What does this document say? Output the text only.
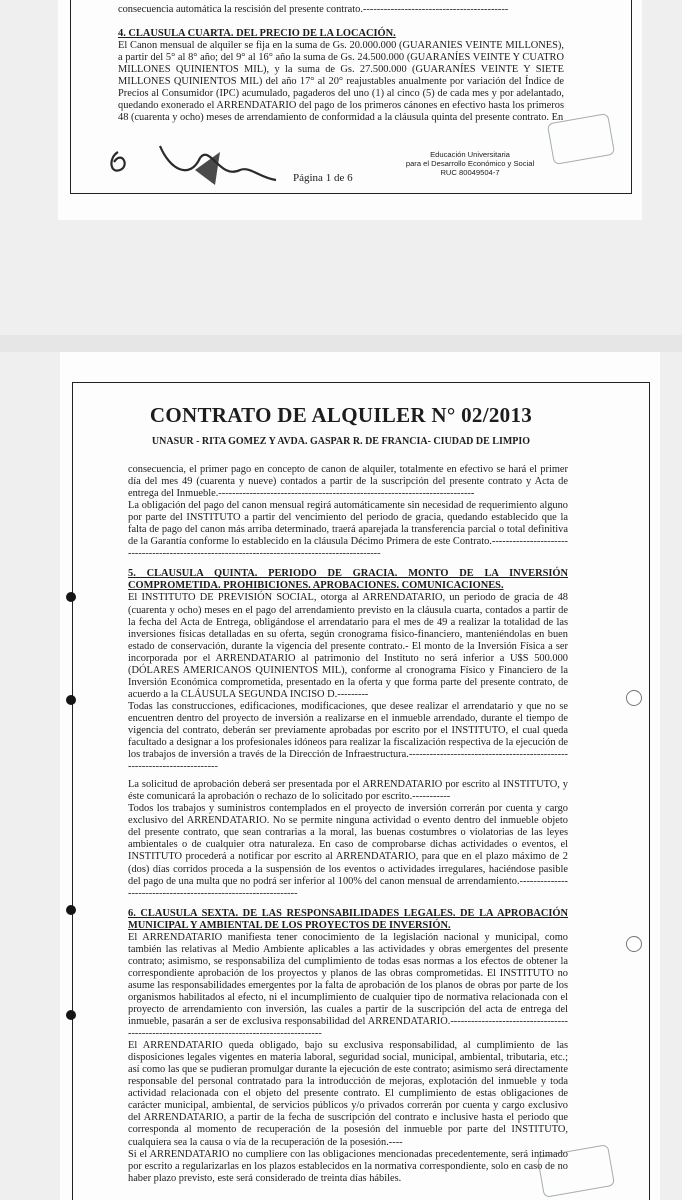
consecuencia automática la rescisión del presente contrato.------------------------------------------

4. CLAUSULA CUARTA. DEL PRECIO DE LA LOCACIÓN.

El Canon mensual de alquiler se fija en la suma de Gs. 20.000.000 (GUARANÍES VEINTE MILLONES), a partir del 5° al 8° año; del 9° al 16° año la suma de Gs. 24.500.000 (GUARANÍES VEINTE Y CUATRO MILLONES QUINIENTOS MIL), y la suma de Gs. 27.500.000 (GUARANÍES VEINTE Y SIETE MILLONES QUINIENTOS MIL) del año 17° al 20° reajustables anualmente por variación del Índice de Precios al Consumidor (IPC) acumulado, pagaderos del uno (1) al cinco (5) de cada mes y por adelantado, quedando exonerado el ARRENDATARIO del pago de los primeros cánones en efectivo hasta los primeros 48 (cuarenta y ocho) meses de arrendamiento de conformidad a la cláusula quinta del presente contrato. En

Educación Universitaria
para el Desarrollo Económico y Social
RUC 80049504-7
Página 1 de 6
CONTRATO DE ALQUILER N° 02/2013
UNASUR - RITA GOMEZ Y AVDA. GASPAR R. DE FRANCIA- CIUDAD DE LIMPIO

consecuencia, el primer pago en concepto de canon de alquiler, totalmente en efectivo se hará el primer día del mes 49 (cuarenta y nueve) contados a partir de la suscripción del presente contrato y Acta de entrega del Inmueble.--------------------------------------------------------------------------

La obligación del pago del canon mensual regirá automáticamente sin necesidad de requerimiento alguno por parte del INSTITUTO a partir del vencimiento del periodo de gracia, quedando establecido que la falta de pago del canon más arriba determinado, traerá aparejada la transferencia parcial o total definitiva de la Garantía conforme lo establecido en la cláusula Décimo Primera de este Contrato.-----------------------------------------------------------------------------------------------

5. CLAUSULA QUINTA. PERIODO DE GRACIA. MONTO DE LA INVERSIÓN COMPROMETIDA. PROHIBICIONES. APROBACIONES. COMUNICACIONES.

El INSTITUTO DE PREVISIÓN SOCIAL, otorga al ARRENDATARIO, un periodo de gracia de 48 (cuarenta y ocho) meses en el pago del arrendamiento previsto en la cláusula cuarta, contados a partir de la fecha del Acta de Entrega, obligándose el arrendatario para el mes de 49 a realizar la totalidad de las inversiones físicas detalladas en su oferta, según cronograma físico-financiero, manteniéndolas en buen estado de conservación, durante la vigencia del presente contrato.- El monto de la Inversión Física a ser incorporada por el ARRENDATARIO al patrimonio del Instituto no será inferior a U$S 500.000 (DÓLARES AMERICANOS QUINIENTOS MIL), conforme al cronograma Físico y Financiero de la Inversión Económica comprometida, presentado en la oferta y que forma parte del presente contrato, de acuerdo a la CLÁUSULA SEGUNDA INCISO D.---------

Todas las construcciones, edificaciones, modificaciones, que desee realizar el arrendatario y que no se encuentren dentro del proyecto de inversión a realizarse en el inmueble arrendado, durante el tiempo de vigencia del contrato, deberán ser previamente aprobadas por escrito por el INSTITUTO, el cual queda facultado a designar a los profesionales idóneos para realizar la fiscalización respectiva de la ejecución de los trabajos de inversión a través de la Dirección de Infraestructura.------------------------------------------------------------------------

La solicitud de aprobación deberá ser presentada por el ARRENDATARIO por escrito al INSTITUTO, y éste comunicará la aprobación o rechazo de lo solicitado por escrito.-----------

Todos los trabajos y suministros contemplados en el proyecto de inversión correrán por cuenta y cargo exclusivo del ARRENDATARIO. No se permite ninguna actividad o evento dentro del inmueble objeto del presente contrato, que sean contrarias a la moral, las buenas costumbres o violatorias de las leyes ambientales o de cualquier otra naturaleza. En caso de comprobarse dichas actividades o eventos, el INSTITUTO procederá a notificar por escrito al ARRENDATARIO, para que en el plazo máximo de 2 (dos) días corridos proceda a la suspensión de los eventos o actividades irregulares, haciéndose pasible del pago de una multa que no podrá ser inferior al 100% del canon mensual de arrendamiento.---------------------------------------------------------------

6. CLAUSULA SEXTA. DE LAS RESPONSABILIDADES LEGALES. DE LA APROBACIÓN MUNICIPAL Y AMBIENTAL DE LOS PROYECTOS DE INVERSIÓN.

El ARRENDATARIO manifiesta tener conocimiento de la legislación nacional y municipal, como también las relativas al Medio Ambiente aplicables a las actividades y obras emergentes del presente contrato; asimismo, se responsabiliza del cumplimiento de todas esas normas a los efectos de obtener la correspondiente aprobación de los proyectos y planos de las obras comprometidas. El INSTITUTO no asume las responsabilidades emergentes por la falta de aprobación de los planos de obras por parte de los organismos habilitados al efecto, ni el incumplimiento de cualquier tipo de normativa relacionada con el proyecto de arrendamiento con inversión, las cuales a partir de la suscripción del acta de entrega del inmueble, pasarán a ser de exclusiva responsabilidad del ARRENDATARIO.------------------------------------------------------------------------------------------

El ARRENDATARIO queda obligado, bajo su exclusiva responsabilidad, al cumplimiento de las disposiciones legales vigentes en materia laboral, seguridad social, municipal, ambiental, tributaria, etc.; así como las que se pudieran promulgar durante la ejecución de este contrato; asimismo será directamente responsable del personal contratado para la introducción de mejoras, explotación del inmueble y toda actividad relacionada con el objeto del presente contrato. El cumplimiento de estas obligaciones de carácter municipal, ambiental, de servicios públicos y/o privados correrán por cuenta y cargo exclusivo del ARRENDATARIO, a partir de la fecha de suscripción del contrato e inclusive hasta el periodo que corresponda al momento de recuperación de la posesión del inmueble por parte del INSTITUTO, cualquiera sea la causa o vía de la recuperación de la posesión.----

Si el ARRENDATARIO no cumpliere con las obligaciones mencionadas precedentemente, será intimado por escrito a regularizarlas en los plazos establecidos en la normativa correspondiente, solo en caso de no haber plazo previsto, este será considerado de treinta días hábiles.
